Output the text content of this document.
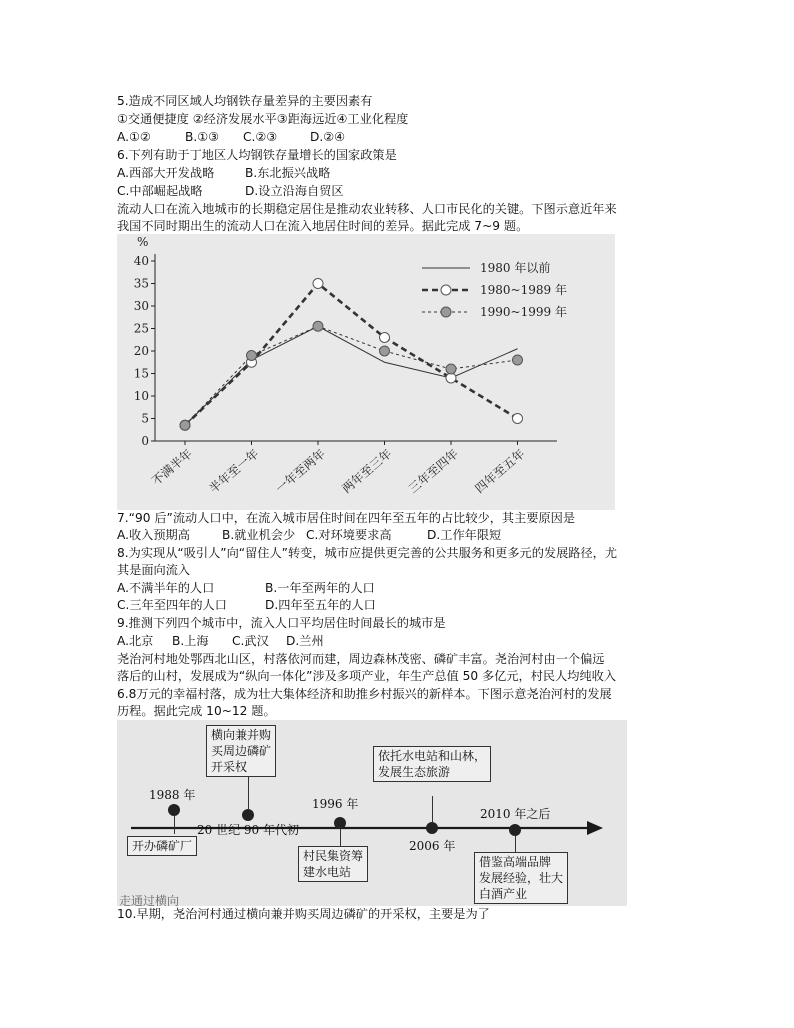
5.造成不同区域人均钢铁存量差异的主要因素有
①交通便捷度 ②经济发展水平③距海远近④工业化程度
A.①②	B.①③ C.②③	D.②④
6.下列有助于丁地区人均钢铁存量增长的国家政策是
A.西部大开发战略	B.东北振兴战略
C.中部崛起战略	D.设立沿海自贸区
流动人口在流入地城市的长期稳定居住是推动农业转移、人口市民化的关键。下图示意近年来
我国不同时期出生的流动人口在流入地居住时间的差异。据此完成 7~9 题。
%
0
5
10
15
20
25
30
35
40
不满半年 半年至一年 一年至两年 两年至三年 三年至四年 四年至五年
1980 年以前
1980~1989 年
1990~1999 年
7.“90 后”流动人口中，在流入城市居住时间在四年至五年的占比较少，其主要原因是
A.收入预期高	B.就业机会少 C.对环境要求高	D.工作年限短
8.为实现从“吸引人”向“留住人”转变，城市应提供更完善的公共服务和更多元的发展路径，尤
其是面向流入
A.不满半年的人口	B.一年至两年的人口
C.三年至四年的人口	D.四年至五年的人口
9.推测下列四个城市中，流入人口平均居住时间最长的城市是
A.北京 B.上海 C.武汉 D.兰州
尧治河村地处鄂西北山区，村落依河而建，周边森林茂密、磷矿丰富。尧治河村由一个偏远
落后的山村，发展成为“纵向一体化”涉及多项产业，年生产总值 50 多亿元，村民人均纯收入
6.8万元的幸福村落，成为壮大集体经济和助推乡村振兴的新样本。下图示意尧治河村的发展
历程。据此完成 10~12 题。
1988 年
20 世纪 90 年代初
1996 年
2006 年
2010 年之后
开办磷矿厂
横向兼并购
买周边磷矿
开采权
村民集资筹
建水电站
依托水电站和山林，
发展生态旅游
借鉴高端品牌
发展经验，壮大
白酒产业
走通过横向
10.早期，尧治河村通过横向兼并购买周边磷矿的开采权，主要是为了
